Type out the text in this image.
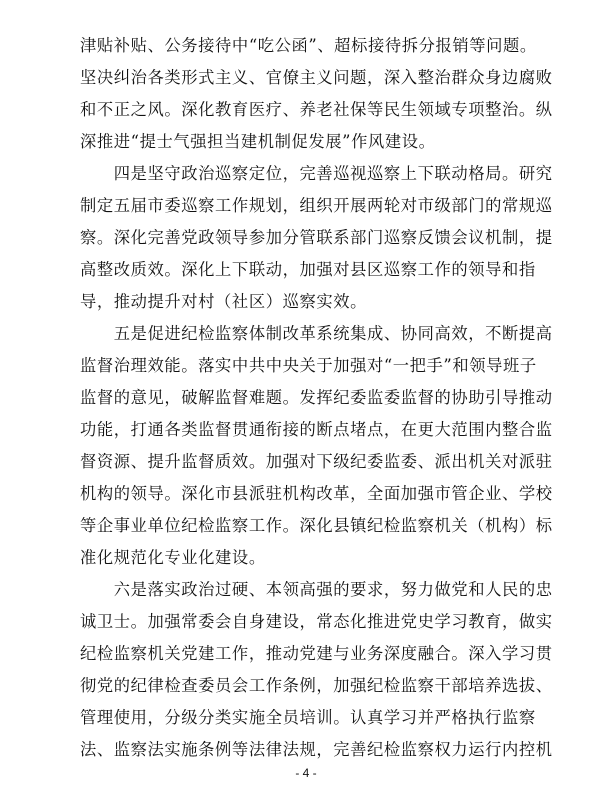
津贴补贴、公务接待中“吃公函”、超标接待拆分报销等问题。
坚决纠治各类形式主义、官僚主义问题，深入整治群众身边腐败
和不正之风。深化教育医疗、养老社保等民生领域专项整治。纵
深推进“提士气强担当建机制促发展”作风建设。
　　四是坚守政治巡察定位，完善巡视巡察上下联动格局。研究
制定五届市委巡察工作规划，组织开展两轮对市级部门的常规巡
察。深化完善党政领导参加分管联系部门巡察反馈会议机制，提
高整改质效。深化上下联动，加强对县区巡察工作的领导和指
导，推动提升对村（社区）巡察实效。
　　五是促进纪检监察体制改革系统集成、协同高效，不断提高
监督治理效能。落实中共中央关于加强对“一把手”和领导班子
监督的意见，破解监督难题。发挥纪委监委监督的协助引导推动
功能，打通各类监督贯通衔接的断点堵点，在更大范围内整合监
督资源、提升监督质效。加强对下级纪委监委、派出机关对派驻
机构的领导。深化市县派驻机构改革，全面加强市管企业、学校
等企事业单位纪检监察工作。深化县镇纪检监察机关（机构）标
准化规范化专业化建设。
　　六是落实政治过硬、本领高强的要求，努力做党和人民的忠
诚卫士。加强常委会自身建设，常态化推进党史学习教育，做实
纪检监察机关党建工作，推动党建与业务深度融合。深入学习贯
彻党的纪律检查委员会工作条例，加强纪检监察干部培养选拔、
管理使用，分级分类实施全员培训。认真学习并严格执行监察
法、监察法实施条例等法律法规，完善纪检监察权力运行内控机
- 4 -
